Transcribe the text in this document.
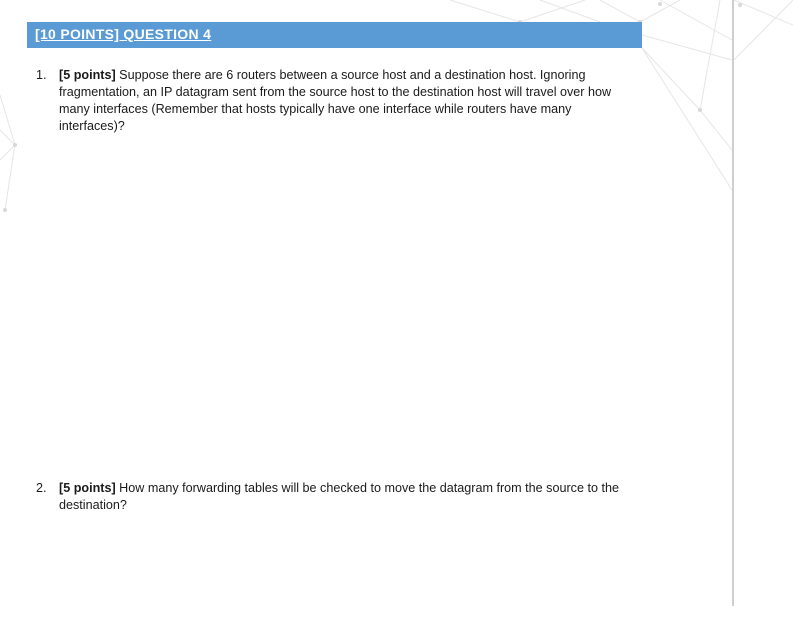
[10 POINTS] QUESTION 4
1. [5 points] Suppose there are 6 routers between a source host and a destination host. Ignoring fragmentation, an IP datagram sent from the source host to the destination host will travel over how many interfaces (Remember that hosts typically have one interface while routers have many interfaces)?
2. [5 points] How many forwarding tables will be checked to move the datagram from the source to the destination?
